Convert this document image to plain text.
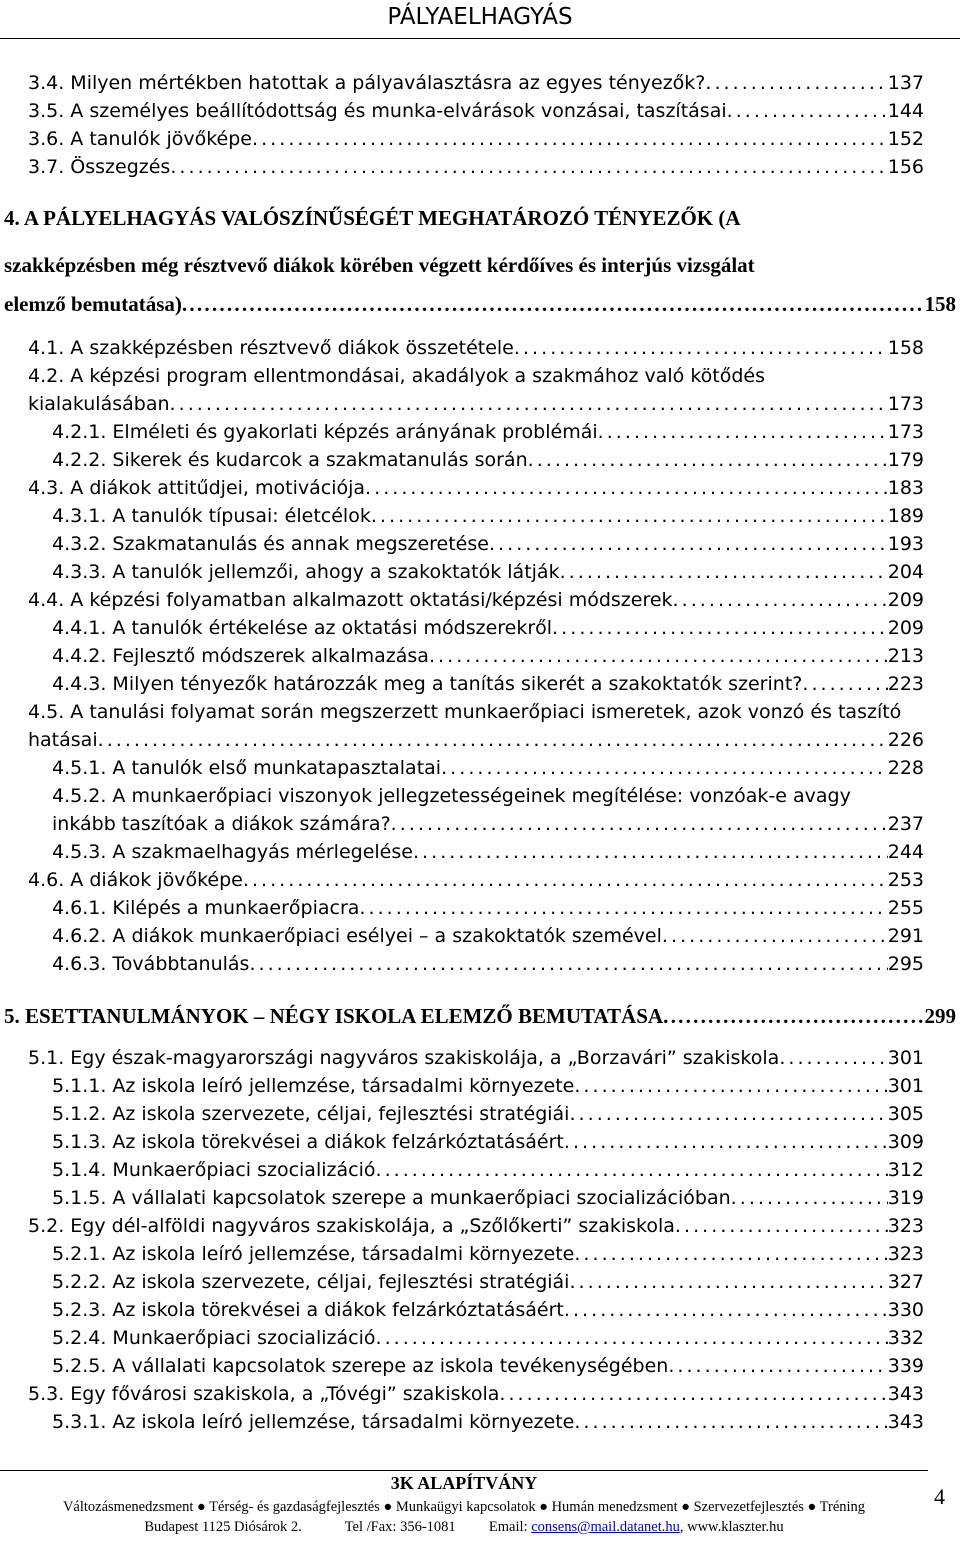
PÁLYAELHAGYÁS
3.4. Milyen mértékben hatottak a pályaválasztásra az egyes tényezők? . . .	137
3.5. A személyes beállítódottság és munka-elvárások vonzásai, taszításai . . .	144
3.6. A tanulók jövőképe . . .	152
3.7. Összegzés . . .	156
4. A PÁLYELHAGYÁS VALÓSZÍNŰSÉGÉT MEGHATÁROZÓ TÉNYEZŐK (A
szakképzésben még résztvevő diákok körében végzett kérdőíves és interjús vizsgálat
elemző bemutatása) . . .	158
4.1. A szakképzésben résztvevő diákok összetétele . . .	158
4.2. A képzési program ellentmondásai, akadályok a szakmához való kötődés
kialakulásában . . .	173
4.2.1. Elméleti és gyakorlati képzés arányának problémái . . .	173
4.2.2. Sikerek és kudarcok a szakmatanulás során . . .	179
4.3. A diákok attitűdjei, motivációja . . .	183
4.3.1. A tanulók típusai: életcélok . . .	189
4.3.2. Szakmatanulás és annak megszeretése . . .	193
4.3.3. A tanulók jellemzői, ahogy a szakoktatók látják . . .	204
4.4. A képzési folyamatban alkalmazott oktatási/képzési módszerek . . .	209
4.4.1. A tanulók értékelése az oktatási módszerekről . . .	209
4.4.2. Fejlesztő módszerek alkalmazása . . .	213
4.4.3. Milyen tényezők határozzák meg a tanítás sikerét a szakoktatók szerint? . . .	223
4.5. A tanulási folyamat során megszerzett munkaerőpiaci ismeretek, azok vonzó és taszító
hatásai . . .	226
4.5.1. A tanulók első munkatapasztalatai . . .	228
4.5.2. A munkaerőpiaci viszonyok jellegzetességeinek megítélése: vonzóak-e avagy
inkább taszítóak a diákok számára? . . .	237
4.5.3. A szakmaelhagyás mérlegelése . . .	244
4.6. A diákok jövőképe . . .	253
4.6.1. Kilépés a munkaerőpiacra . . .	255
4.6.2. A diákok munkaerőpiaci esélyei – a szakoktatók szemével . . .	291
4.6.3. Továbbtanulás . . .	295
5. ESETTANULMÁNYOK – NÉGY ISKOLA ELEMZŐ BEMUTATÁSA . . .	299
5.1. Egy észak-magyarországi nagyváros szakiskolája, a „Borzavári” szakiskola . . .	301
5.1.1. Az iskola leíró jellemzése, társadalmi környezete . . .	301
5.1.2. Az iskola szervezete, céljai, fejlesztési stratégiái . . .	305
5.1.3. Az iskola törekvései a diákok felzárkóztatásáért . . .	309
5.1.4. Munkaerőpiaci szocializáció . . .	312
5.1.5. A vállalati kapcsolatok szerepe a munkaerőpiaci szocializációban . . .	319
5.2. Egy dél-alföldi nagyváros szakiskolája, a „Szőlőkerti” szakiskola . . .	323
5.2.1. Az iskola leíró jellemzése, társadalmi környezete . . .	323
5.2.2. Az iskola szervezete, céljai, fejlesztési stratégiái . . .	327
5.2.3. Az iskola törekvései a diákok felzárkóztatásáért . . .	330
5.2.4. Munkaerőpiaci szocializáció . . .	332
5.2.5. A vállalati kapcsolatok szerepe az iskola tevékenységében . . .	339
5.3. Egy fővárosi szakiskola, a „Tóvégi” szakiskola . . .	343
5.3.1. Az iskola leíró jellemzése, társadalmi környezete . . .	343
3K ALAPÍTVÁNY
Változásmenedzsment ● Térség- és gazdaságfejlesztés ● Munkaügyi kapcsolatok ● Humán menedzsment ● Szervezetfejlesztés ● Tréning
Budapest 1125 Diósárok 2.	Tel /Fax: 356-1081 Email: consens@mail.datanet.hu, www.klaszter.hu
4
